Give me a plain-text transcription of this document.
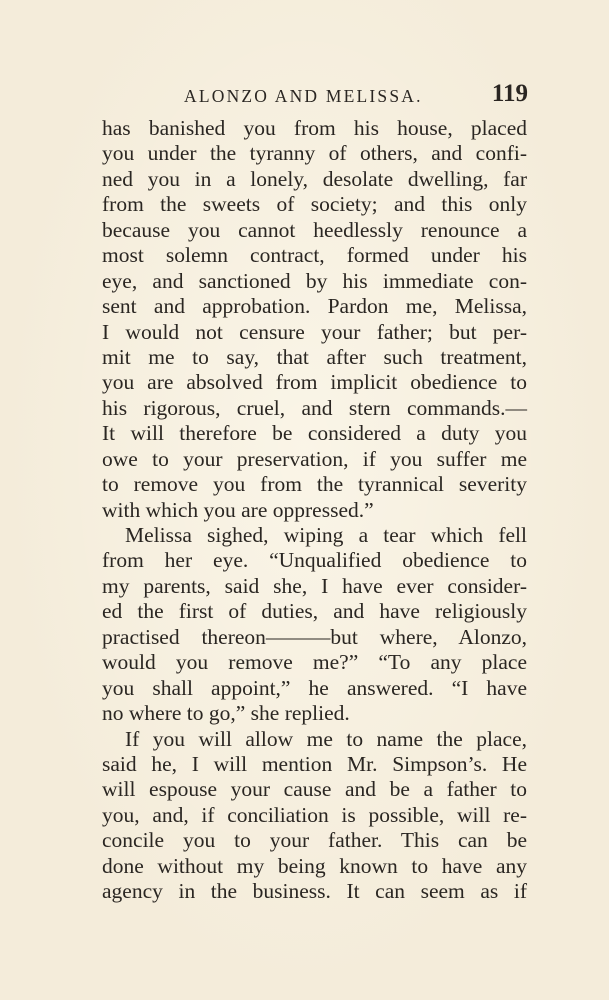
ALONZO AND MELISSA.	119
has banished you from his house, placed
you under the tyranny of others, and confi-
ned you in a lonely, desolate dwelling, far
from the sweets of society; and this only
because you cannot heedlessly renounce a
most solemn contract, formed under his
eye, and sanctioned by his immediate con-
sent and approbation. Pardon me, Melissa,
I would not censure your father; but per-
mit me to say, that after such treatment,
you are absolved from implicit obedience to
his rigorous, cruel, and stern commands.—
It will therefore be considered a duty you
owe to your preservation, if you suffer me
to remove you from the tyrannical severity
with which you are oppressed.”
Melissa sighed, wiping a tear which fell
from her eye. “Unqualified obedience to
my parents, said she, I have ever consider-
ed the first of duties, and have religiously
practised thereon———but where, Alonzo,
would you remove me?” “To any place
you shall appoint,” he answered. “I have
no where to go,” she replied.
If you will allow me to name the place,
said he, I will mention Mr. Simpson’s. He
will espouse your cause and be a father to
you, and, if conciliation is possible, will re-
concile you to your father. This can be
done without my being known to have any
agency in the business. It can seem as if
